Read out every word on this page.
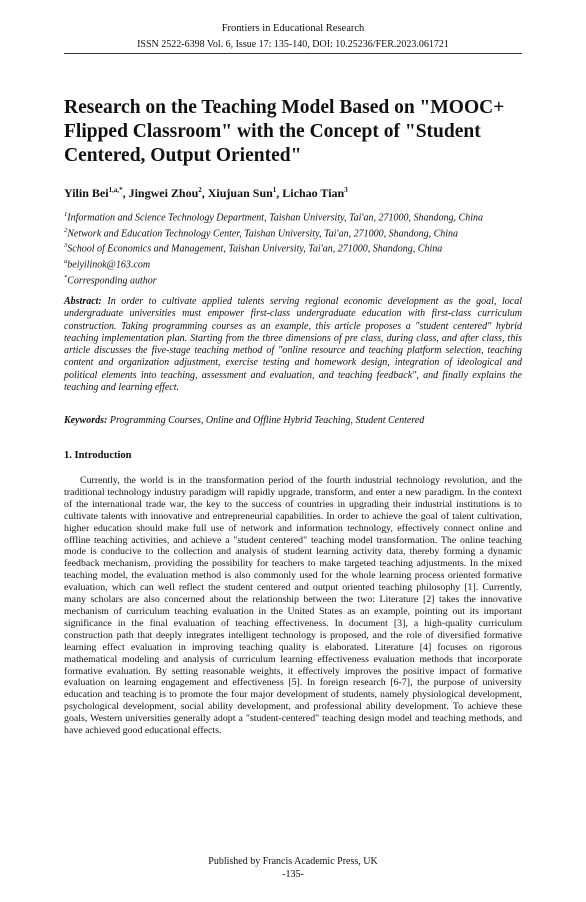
Frontiers in Educational Research
ISSN 2522-6398 Vol. 6, Issue 17: 135-140, DOI: 10.25236/FER.2023.061721
Research on the Teaching Model Based on "MOOC+ Flipped Classroom" with the Concept of "Student Centered, Output Oriented"
Yilin Bei$^{1,a,*}$, Jingwei Zhou$^2$, Xiujuan Sun$^1$, Lichao Tian$^3$

$^1$Information and Science Technology Department, Taishan University, Tai'an, 271000, Shandong, China

$^2$Network and Education Technology Center, Taishan University, Tai'an, 271000, Shandong, China

$^3$School of Economics and Management, Taishan University, Tai'an, 271000, Shandong, China

$^a$beiyilinok@163.com

*Corresponding author

Abstract: In order to cultivate applied talents serving regional economic development as the goal, local undergraduate universities must empower first-class undergraduate education with first-class curriculum construction. Taking programming courses as an example, this article proposes a "student centered" hybrid teaching implementation plan. Starting from the three dimensions of pre class, during class, and after class, this article discusses the five-stage teaching method of "online resource and teaching platform selection, teaching content and organization adjustment, exercise testing and homework design, integration of ideological and political elements into teaching, assessment and evaluation, and teaching feedback", and finally explains the teaching and learning effect.

Keywords: Programming Courses, Online and Offline Hybrid Teaching, Student Centered

1. Introduction

Currently, the world is in the transformation period of the fourth industrial technology revolution, and the traditional technology industry paradigm will rapidly upgrade, transform, and enter a new paradigm. In the context of the international trade war, the key to the success of countries in upgrading their industrial institutions is to cultivate talents with innovative and entrepreneurial capabilities. In order to achieve the goal of talent cultivation, higher education should make full use of network and information technology, effectively connect online and offline teaching activities, and achieve a "student centered" teaching model transformation. The online teaching mode is conducive to the collection and analysis of student learning activity data, thereby forming a dynamic feedback mechanism, providing the possibility for teachers to make targeted teaching adjustments. In the mixed teaching model, the evaluation method is also commonly used for the whole learning process oriented formative evaluation, which can well reflect the student centered and output oriented teaching philosophy [1]. Currently, many scholars are also concerned about the relationship between the two: Literature [2] takes the innovative mechanism of curriculum teaching evaluation in the United States as an example, pointing out its important significance in the final evaluation of teaching effectiveness. In document [3], a high-quality curriculum construction path that deeply integrates intelligent technology is proposed, and the role of diversified formative learning effect evaluation in improving teaching quality is elaborated. Literature [4] focuses on rigorous mathematical modeling and analysis of curriculum learning effectiveness evaluation methods that incorporate formative evaluation. By setting reasonable weights, it effectively improves the positive impact of formative evaluation on learning engagement and effectiveness [5]. In foreign research [6-7], the purpose of university education and teaching is to promote the four major development of students, namely physiological development, psychological development, social ability development, and professional ability development. To achieve these goals, Western universities generally adopt a "student-centered" teaching design model and teaching methods, and have achieved good educational effects.

Published by Francis Academic Press, UK
-135-
